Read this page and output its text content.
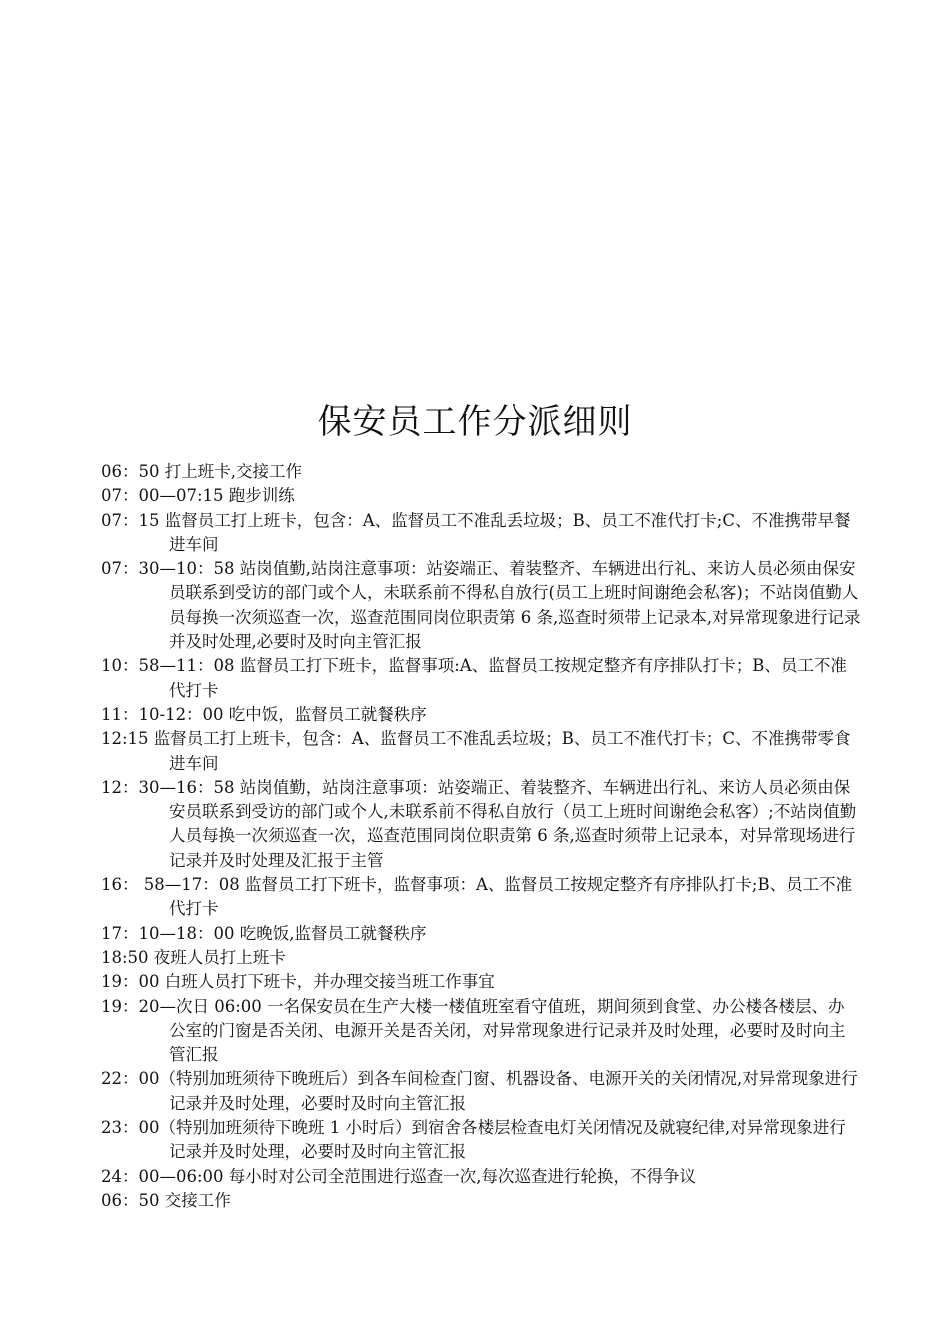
保安员工作分派细则
06：50 打上班卡,交接工作
07：00—07:15 跑步训练
07：15 监督员工打上班卡，包含：A、监督员工不准乱丢垃圾；B、员工不准代打卡;C、不准携带早餐进车间
07：30—10：58 站岗值勤,站岗注意事项：站姿端正、着装整齐、车辆进出行礼、来访人员必须由保安员联系到受访的部门或个人，未联系前不得私自放行(员工上班时间谢绝会私客)；不站岗值勤人员每换一次须巡查一次，巡查范围同岗位职责第 6 条,巡查时须带上记录本,对异常现象进行记录并及时处理,必要时及时向主管汇报
10：58—11：08 监督员工打下班卡，监督事项:A、监督员工按规定整齐有序排队打卡；B、员工不准代打卡
11：10-12：00 吃中饭，监督员工就餐秩序
12:15 监督员工打上班卡，包含：A、监督员工不准乱丢垃圾；B、员工不准代打卡；C、不准携带零食进车间
12：30—16：58 站岗值勤，站岗注意事项：站姿端正、着装整齐、车辆进出行礼、来访人员必须由保安员联系到受访的部门或个人,未联系前不得私自放行（员工上班时间谢绝会私客）;不站岗值勤人员每换一次须巡查一次，巡查范围同岗位职责第 6 条,巡查时须带上记录本，对异常现场进行记录并及时处理及汇报于主管
16： 58—17：08 监督员工打下班卡，监督事项：A、监督员工按规定整齐有序排队打卡;B、员工不准代打卡
17：10—18：00 吃晚饭,监督员工就餐秩序
18:50 夜班人员打上班卡
19：00 白班人员打下班卡，并办理交接当班工作事宜
19：20—次日 06:00 一名保安员在生产大楼一楼值班室看守值班，期间须到食堂、办公楼各楼层、办公室的门窗是否关闭、电源开关是否关闭，对异常现象进行记录并及时处理，必要时及时向主管汇报
22：00（特别加班须待下晚班后）到各车间检查门窗、机器设备、电源开关的关闭情况,对异常现象进行记录并及时处理，必要时及时向主管汇报
23：00（特别加班须待下晚班 1 小时后）到宿舍各楼层检查电灯关闭情况及就寝纪律,对异常现象进行记录并及时处理，必要时及时向主管汇报
24：00—06:00 每小时对公司全范围进行巡查一次,每次巡查进行轮换，不得争议
06：50 交接工作
